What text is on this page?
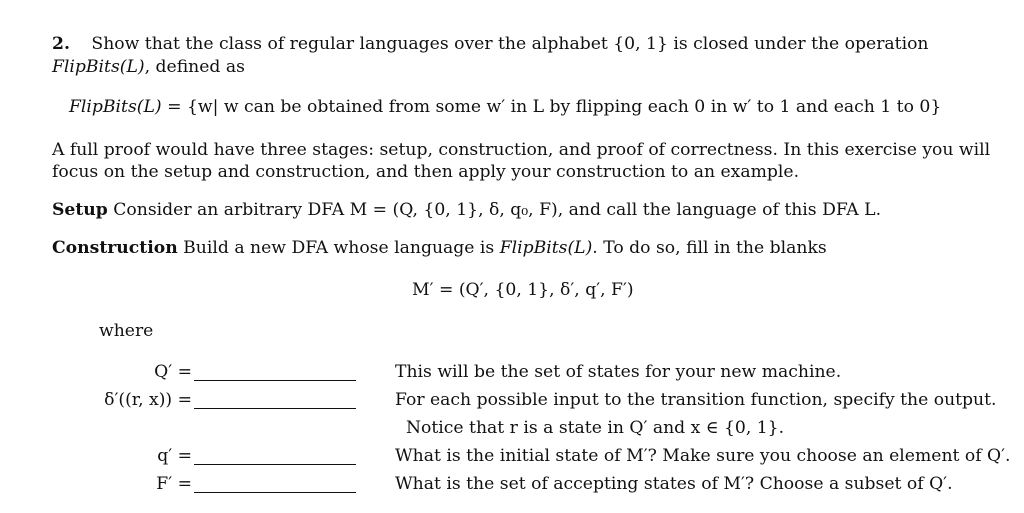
2. Show that the class of regular languages over the alphabet {0, 1} is closed under the operation
FlipBits(L), defined as
FlipBits(L) = {w| w can be obtained from some w′ in L by flipping each 0 in w′ to 1 and each 1 to 0}
A full proof would have three stages: setup, construction, and proof of correctness. In this exercise you will
focus on the setup and construction, and then apply your construction to an example.
Setup Consider an arbitrary DFA M = (Q, {0, 1}, δ, q₀, F), and call the language of this DFA L.
Construction Build a new DFA whose language is FlipBits(L). To do so, fill in the blanks
M′ = (Q′, {0, 1}, δ′, q′, F′)
where
Q′ =	This will be the set of states for your new machine.
δ′((r, x)) =	For each possible input to the transition function, specify the output.
Notice that r is a state in Q′ and x ∈ {0, 1}.
q′ =	What is the initial state of M′? Make sure you choose an element of Q′.
F′ =	What is the set of accepting states of M′? Choose a subset of Q′.
